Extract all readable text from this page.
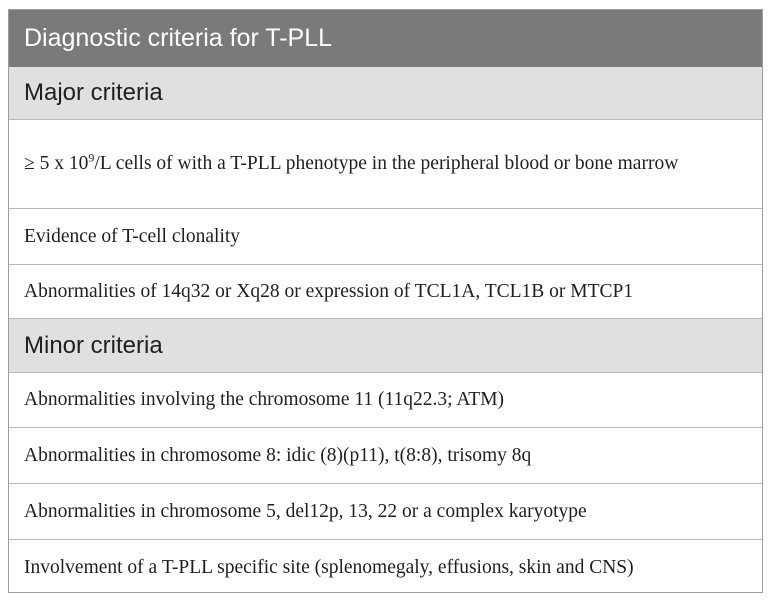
Diagnostic criteria for T-PLL
Major criteria
≥ 5 x $10^9/L$ cells of with a T-PLL phenotype in the peripheral blood or bone marrow
Evidence of T-cell clonality
Abnormalities of 14q32 or Xq28 or expression of TCL1A, TCL1B or MTCP1
Minor criteria
Abnormalities involving the chromosome 11 (11q22.3; ATM)
Abnormalities in chromosome 8: idic (8)(p11), t(8:8), trisomy 8q
Abnormalities in chromosome 5, del12p, 13, 22 or a complex karyotype
Involvement of a T-PLL specific site (splenomegaly, effusions, skin and CNS)
